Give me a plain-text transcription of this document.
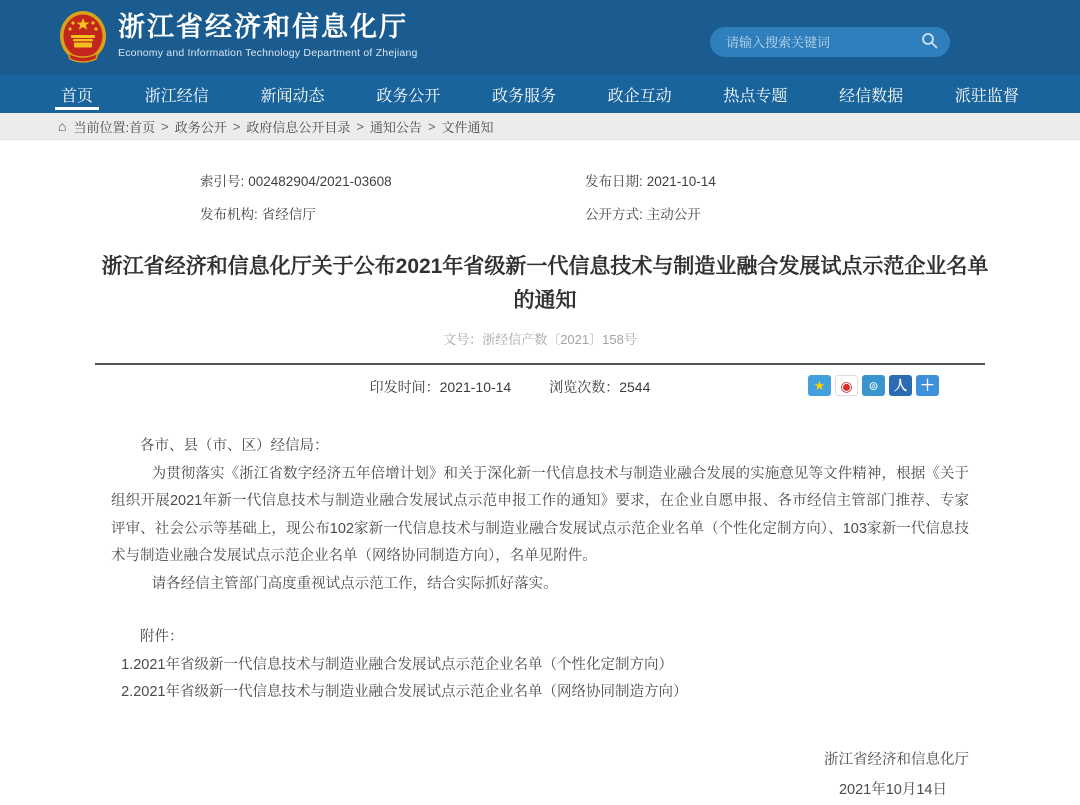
浙江省经济和信息化厅
Economy and Information Technology Department of Zhejiang
请输入搜索关键词
首页	浙江经信	新闻动态	政务公开	政务服务	政企互动	热点专题	经信数据	派驻监督
⌂ 当前位置: 首页 > 政务公开 > 政府信息公开目录 > 通知公告 > 文件通知
索引号: 002482904/2021-03608	发布日期: 2021-10-14
发布机构: 省经信厅	公开方式: 主动公开
浙江省经济和信息化厅关于公布2021年省级新一代信息技术与制造业融合发展试点示范企业名单的通知
文号：浙经信产数〔2021〕158号
印发时间：2021-10-14	浏览次数：2544	★	◉	⊚	人 ＋

各市、县（市、区）经信局：

为贯彻落实《浙江省数字经济五年倍增计划》和关于深化新一代信息技术与制造业融合发展的实施意见等文件精神，根据《关于组织开展2021年新一代信息技术与制造业融合发展试点示范申报工作的通知》要求，在企业自愿申报、各市经信主管部门推荐、专家评审、社会公示等基础上，现公布102家新一代信息技术与制造业融合发展试点示范企业名单（个性化定制方向）、103家新一代信息技术与制造业融合发展试点示范企业名单（网络协同制造方向），名单见附件。

请各经信主管部门高度重视试点示范工作，结合实际抓好落实。

附件：

1.2021年省级新一代信息技术与制造业融合发展试点示范企业名单（个性化定制方向）

2.2021年省级新一代信息技术与制造业融合发展试点示范企业名单（网络协同制造方向）

浙江省经济和信息化厅
2021年10月14日
